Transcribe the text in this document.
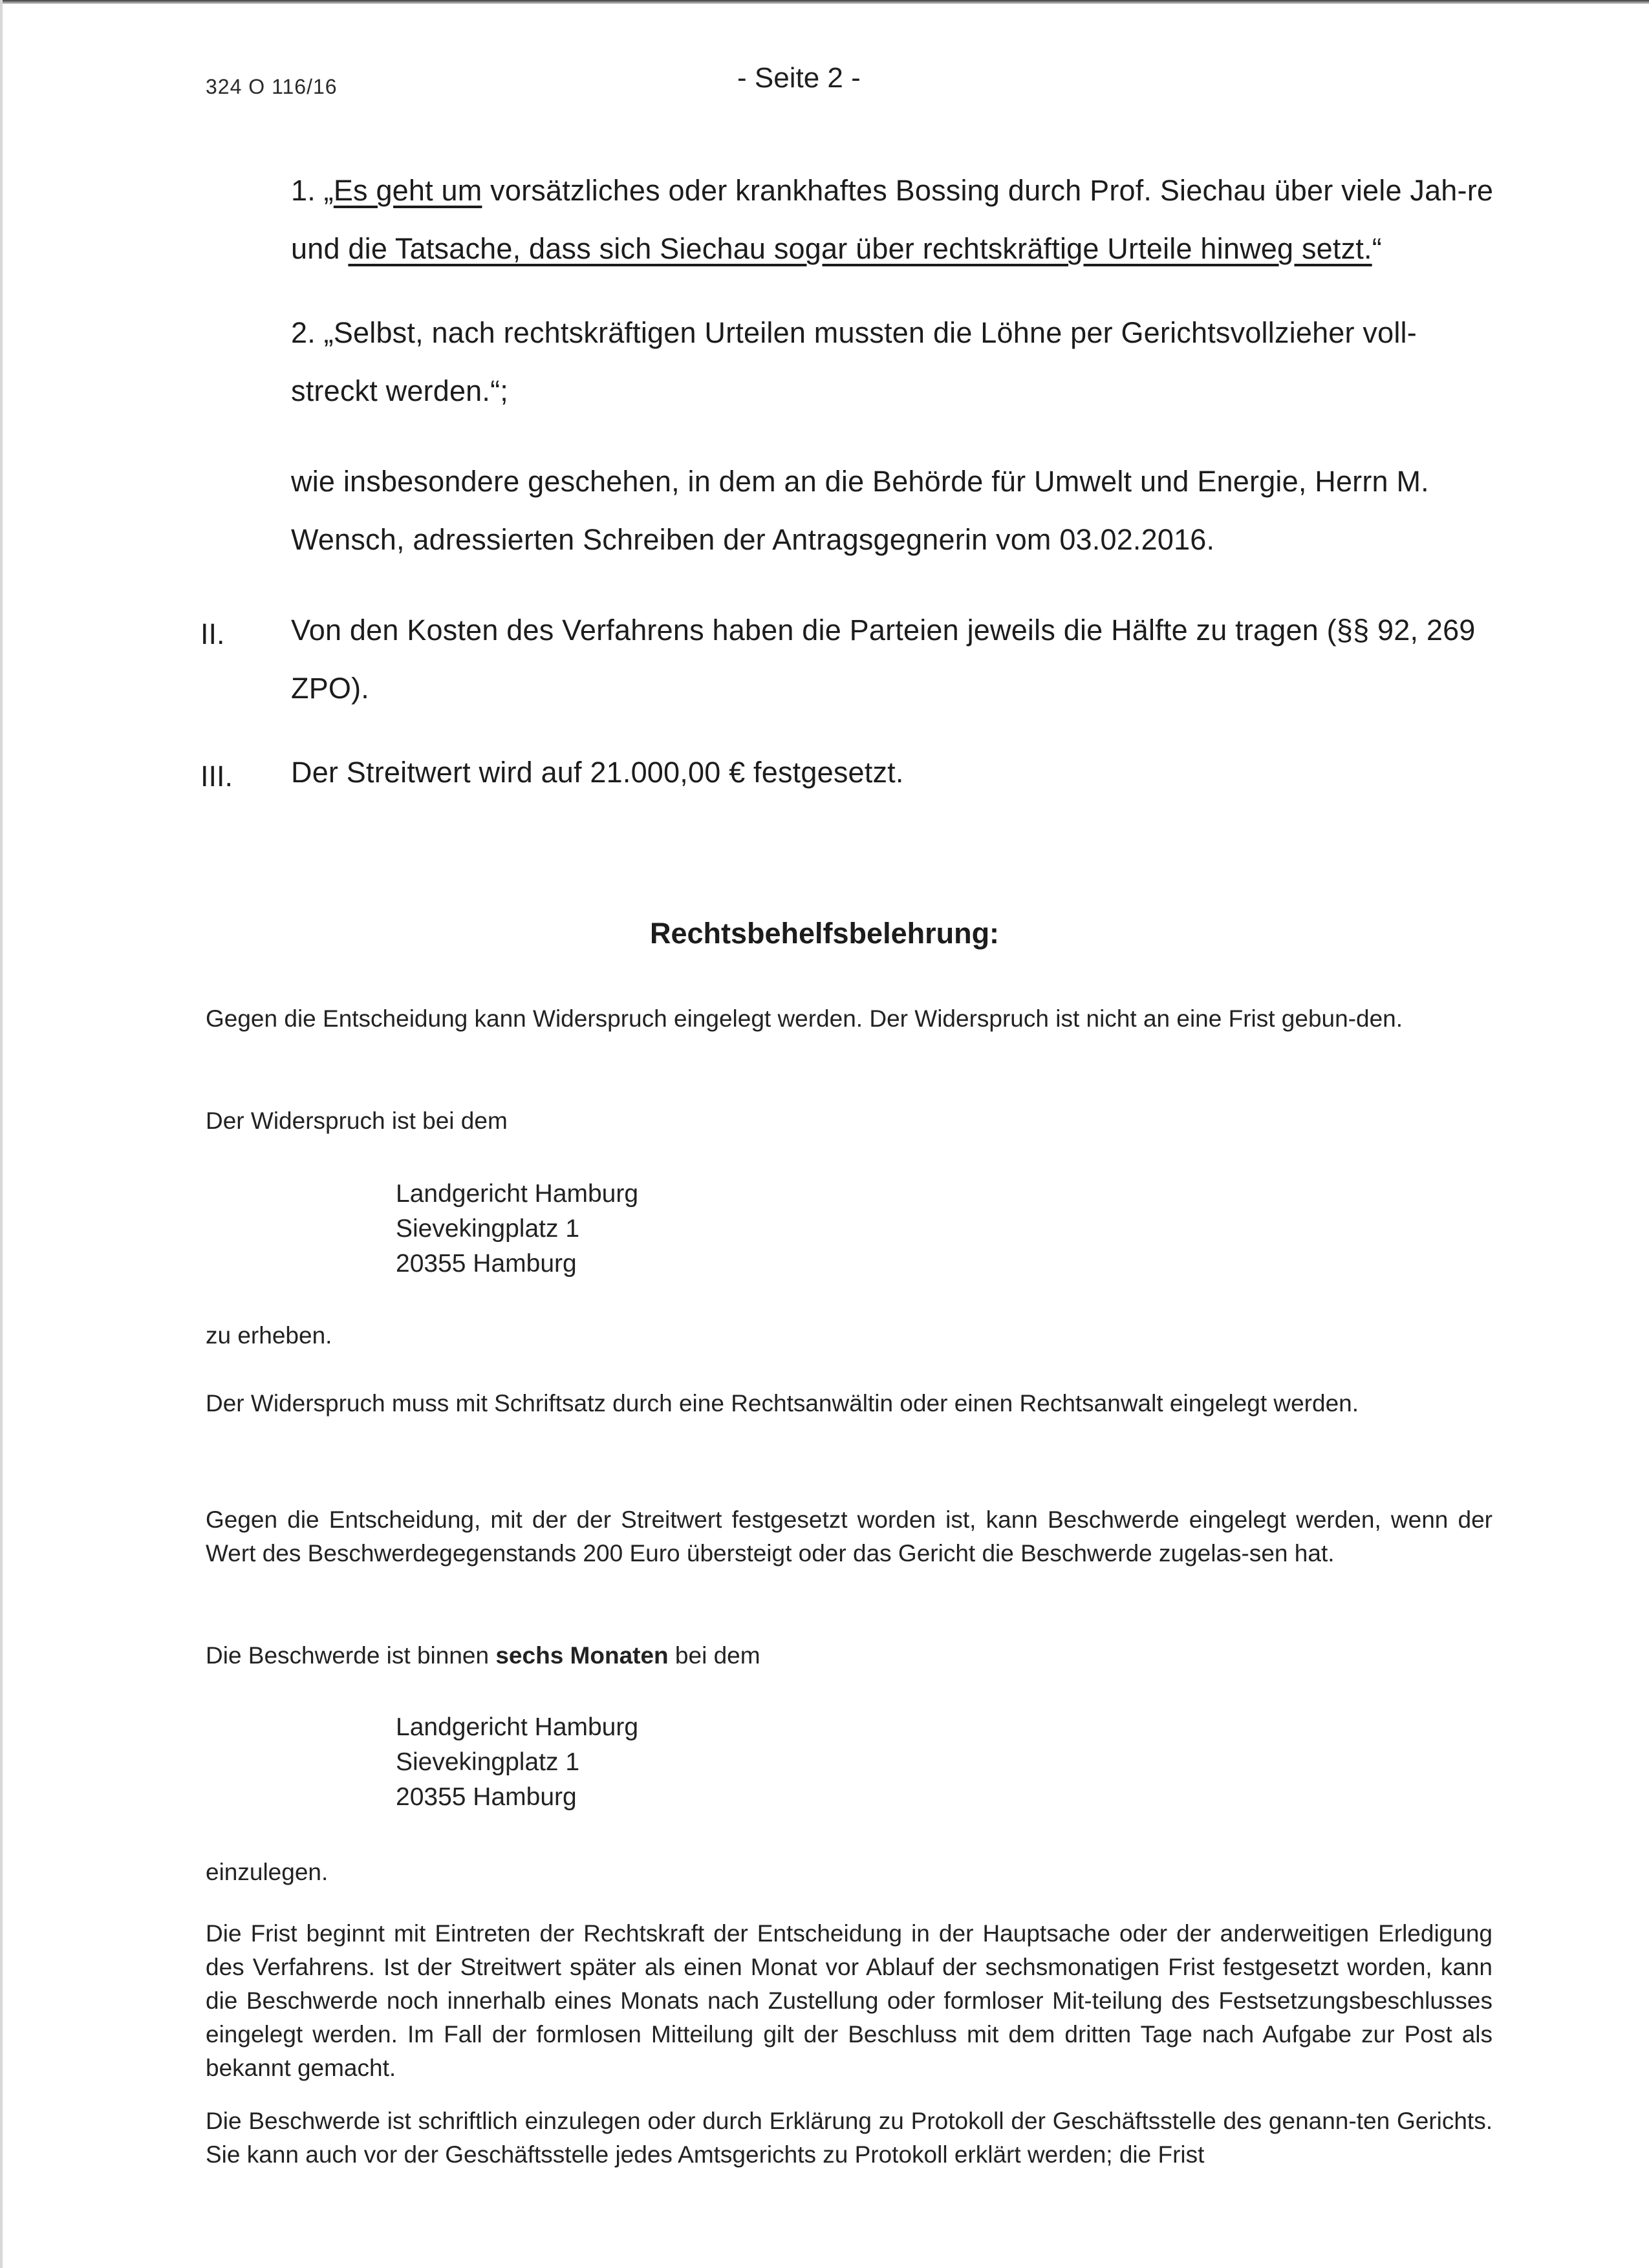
324 O 116/16	- Seite 2 -
1. „Es geht um vorsätzliches oder krankhaftes Bossing durch Prof. Siechau über viele Jah-re und die Tatsache, dass sich Siechau sogar über rechtskräftige Urteile hinweg setzt.“
2. „Selbst, nach rechtskräftigen Urteilen mussten die Löhne per Gerichtsvollzieher voll-streckt werden.“;
wie insbesondere geschehen, in dem an die Behörde für Umwelt und Energie, Herrn M. Wensch, adressierten Schreiben der Antragsgegnerin vom 03.02.2016.
II. Von den Kosten des Verfahrens haben die Parteien jeweils die Hälfte zu tragen (§§ 92, 269 ZPO).
III. Der Streitwert wird auf 21.000,00 € festgesetzt.
Rechtsbehelfsbelehrung:
Gegen die Entscheidung kann Widerspruch eingelegt werden. Der Widerspruch ist nicht an eine Frist gebun-den.
Der Widerspruch ist bei dem
Landgericht Hamburg
Sievekingplatz 1
20355 Hamburg
zu erheben.
Der Widerspruch muss mit Schriftsatz durch eine Rechtsanwältin oder einen Rechtsanwalt eingelegt werden.
Gegen die Entscheidung, mit der der Streitwert festgesetzt worden ist, kann Beschwerde eingelegt werden, wenn der Wert des Beschwerdegegenstands 200 Euro übersteigt oder das Gericht die Beschwerde zugelas-sen hat.
Die Beschwerde ist binnen sechs Monaten bei dem
Landgericht Hamburg
Sievekingplatz 1
20355 Hamburg
einzulegen.
Die Frist beginnt mit Eintreten der Rechtskraft der Entscheidung in der Hauptsache oder der anderweitigen Erledigung des Verfahrens. Ist der Streitwert später als einen Monat vor Ablauf der sechsmonatigen Frist festgesetzt worden, kann die Beschwerde noch innerhalb eines Monats nach Zustellung oder formloser Mit-teilung des Festsetzungsbeschlusses eingelegt werden. Im Fall der formlosen Mitteilung gilt der Beschluss mit dem dritten Tage nach Aufgabe zur Post als bekannt gemacht.
Die Beschwerde ist schriftlich einzulegen oder durch Erklärung zu Protokoll der Geschäftsstelle des genann-ten Gerichts. Sie kann auch vor der Geschäftsstelle jedes Amtsgerichts zu Protokoll erklärt werden; die Frist
